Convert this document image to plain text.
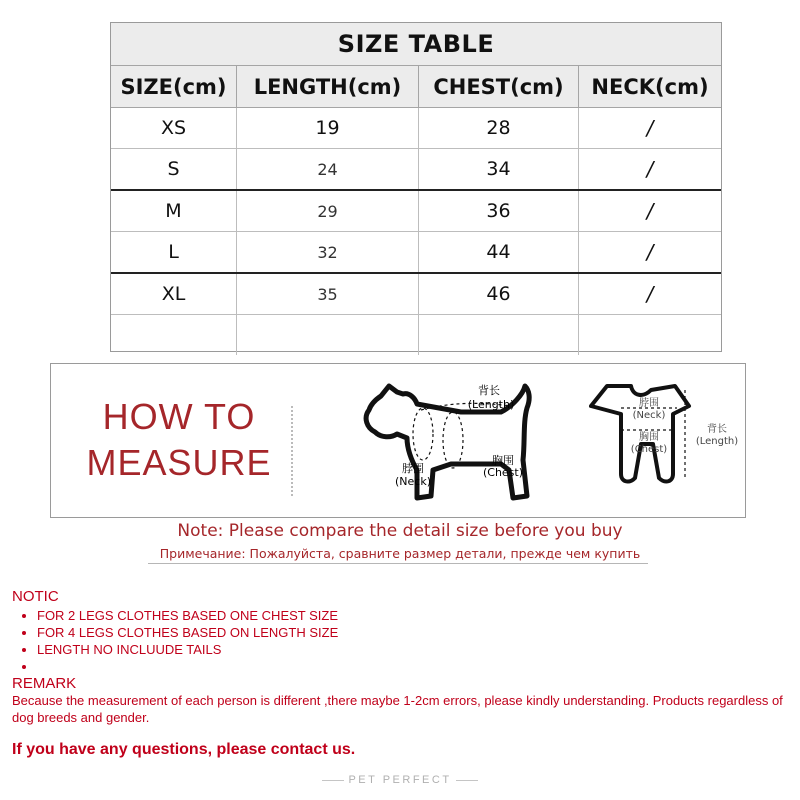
SIZE TABLE
SIZE(cm)	LENGTH(cm)	CHEST(cm)	NECK(cm)
XS	19	28	/
S	24	34	/
M	29	36	/
L	32	44	/
XL	35	46	/
HOW TO
MEASURE
背长
(Length)
脖围
(Neck)
胸围
(Chest)
脖围
(Neck)
胸围
(Chest)
背长
(Length)
Note: Please compare the detail size before you buy
Примечание: Пожалуйста, сравните размер детали, прежде чем купить
NOTIC
• FOR 2 LEGS CLOTHES BASED ONE CHEST SIZE
• FOR 4 LEGS CLOTHES BASED ON LENGTH SIZE
• LENGTH NO INCLUUDE TAILS
•
REMARK
Because the measurement of each person is different ,there maybe 1-2cm errors, please kindly understanding. Products regardless of dog breeds and gender.
If you have any questions, please contact us.
PET PERFECT
